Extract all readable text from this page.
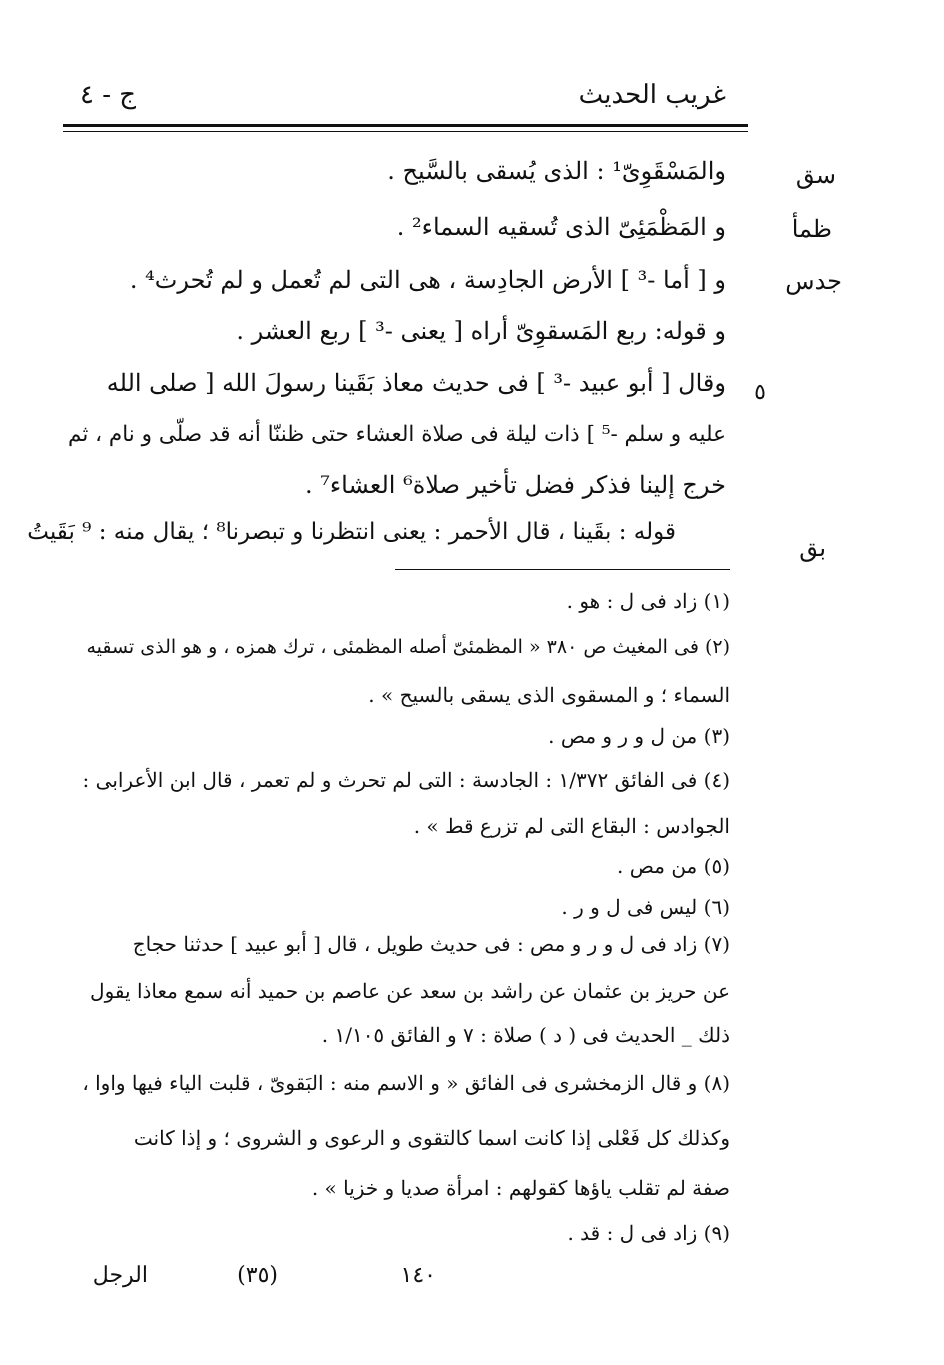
غريب الحديث
ج - ٤
سق
ظمأ
جدس
بق
٥
والمَسْقَوِىّ¹ : الذى يُسقى بالسَّيح .
و المَظْمَئِىّ الذى تُسقيه السماء² .
و [ أما -³ ] الأرض الجادِسة ، هى التى لم تُعمل و لم تُحرث⁴ .
و قوله: ربع المَسقوِىّ أراه [ يعنى -³ ] ربع العشر .
وقال [ أبو عبيد -³ ] فى حديث معاذ بَقَينا رسولَ الله [ صلى الله
عليه و سلم -⁵ ] ذات ليلة فى صلاة العشاء حتى ظننّا أنه قد صلّى و نام ، ثم
خرج إلينا فذكر فضل تأخير صلاة⁶ العشاء⁷ .
قوله : بقَينا ، قال الأحمر : يعنى انتظرنا و تبصرنا⁸ ؛ يقال منه : ⁹ بَقَيتُ
(١) زاد فى ل : هو .
(٢) فى المغيث ص ٣٨٠ « المظمئىّ أصله المظمئى ، ترك همزه ، و هو الذى تسقيه
السماء ؛ و المسقوى الذى يسقى بالسيح » .
(٣) من ل و ر و مص .
(٤) فى الفائق ١/٣٧٢ : الجادسة : التى لم تحرث و لم تعمر ، قال ابن الأعرابى :
الجوادس : البقاع التى لم تزرع قط » .
(٥) من مص .
(٦) ليس فى ل و ر .
(٧) زاد فى ل و ر و مص : فى حديث طويل ، قال [ أبو عبيد ] حدثنا حجاج
عن حريز بن عثمان عن راشد بن سعد عن عاصم بن حميد أنه سمع معاذا يقول
ذلك _ الحديث فى ( د ) صلاة : ٧ و الفائق ١/١٠٥ .
(٨) و قال الزمخشرى فى الفائق « و الاسم منه : البَقوىّ ، قلبت الياء فيها واوا ،
وكذلك كل فَعْلى إذا كانت اسما كالتقوى و الرعوى و الشروى ؛ و إذا كانت
صفة لم تقلب ياؤها كقولهم : امرأة صديا و خزيا » .
(٩) زاد فى ل : قد .
١٤٠
(٣٥)
الرجل
